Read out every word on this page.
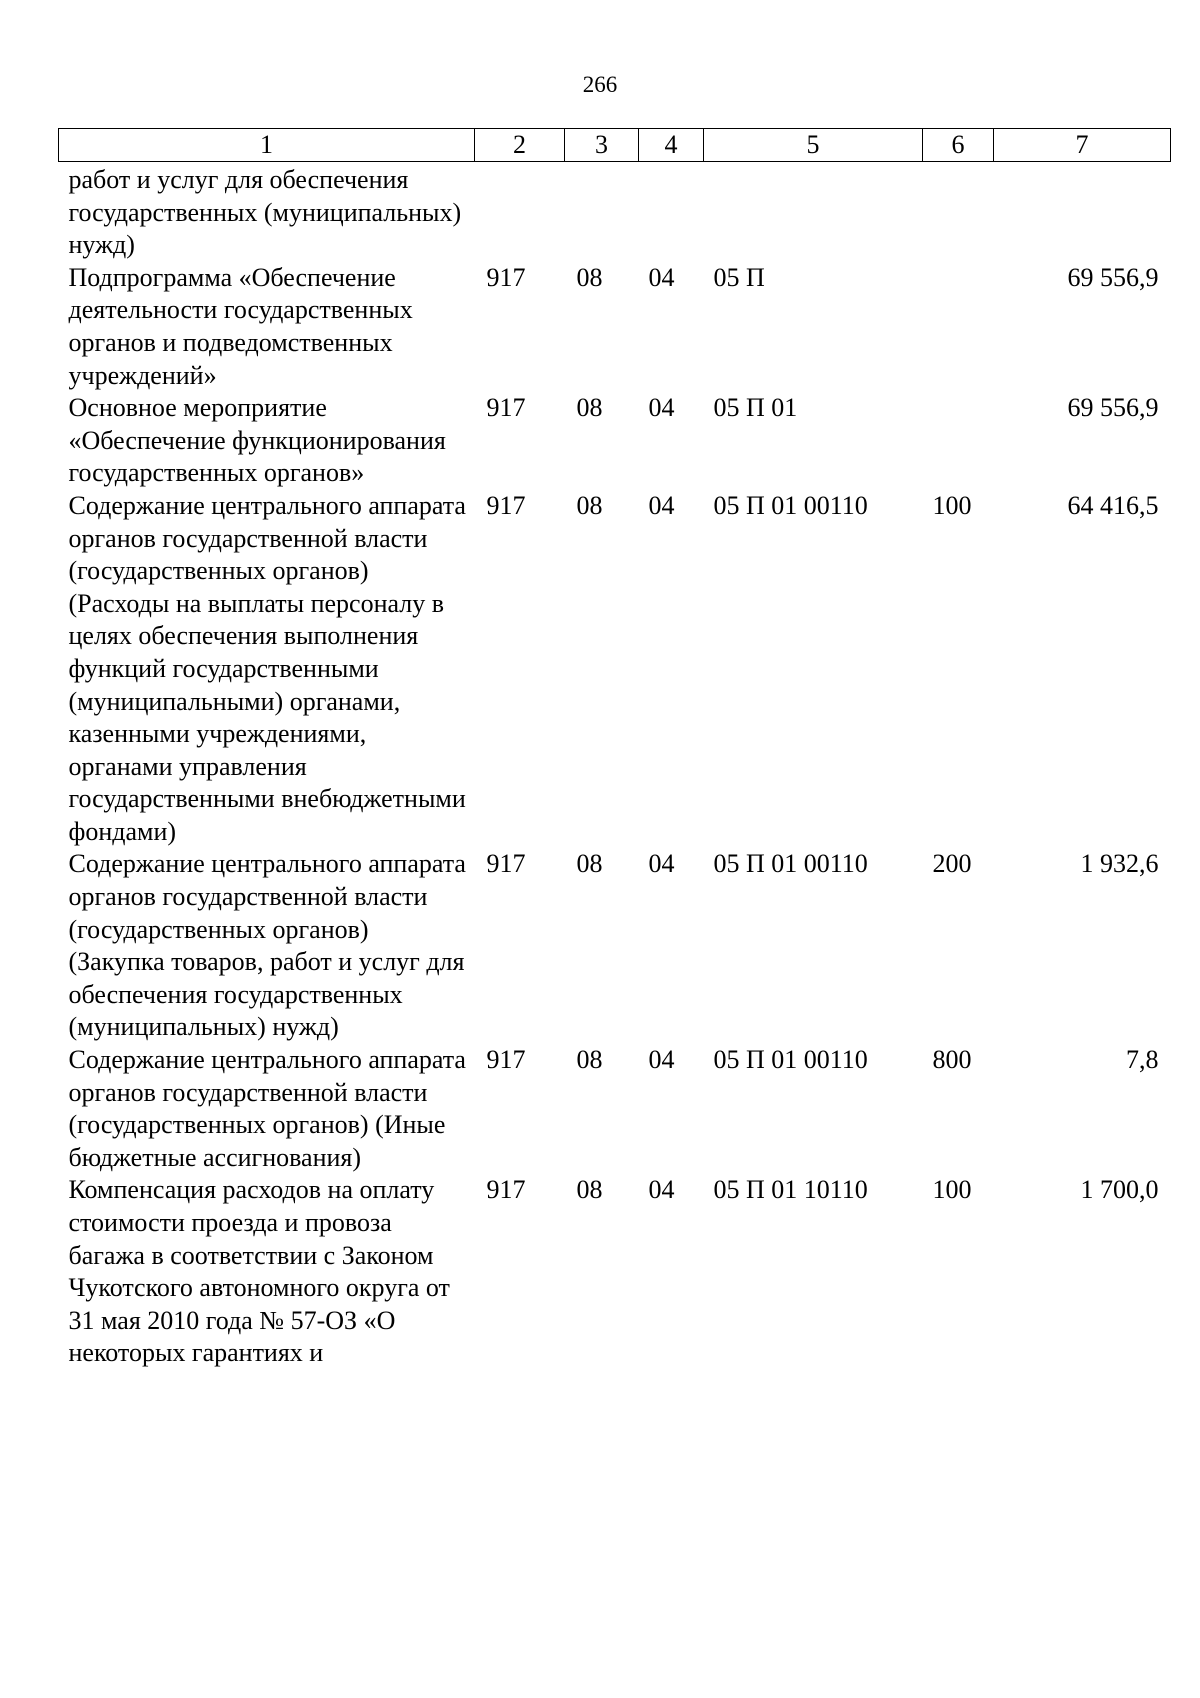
266
1	2	3	4	5	6	7
работ и услуг для обеспечения государственных (муниципальных) нужд)						
Подпрограмма «Обеспечение деятельности государственных органов и подведомственных учреждений»	917	08	04	05 П		69 556,9
Основное мероприятие «Обеспечение функционирования государственных органов»	917	08	04	05 П 01		69 556,9
Содержание центрального аппарата органов государственной власти (государственных органов) (Расходы на выплаты персоналу в целях обеспечения выполнения функций государственными (муниципальными) органами, казенными учреждениями, органами управления государственными внебюджетными фондами)	917	08	04	05 П 01 00110	100	64 416,5
Содержание центрального аппарата органов государственной власти (государственных органов) (Закупка товаров, работ и услуг для обеспечения государственных (муниципальных) нужд)	917	08	04	05 П 01 00110	200	1 932,6
Содержание центрального аппарата органов государственной власти (государственных органов) (Иные бюджетные ассигнования)	917	08	04	05 П 01 00110	800	7,8
Компенсация расходов на оплату стоимости проезда и провоза багажа в соответствии с Законом Чукотского автономного округа от 31 мая 2010 года № 57-ОЗ «О некоторых гарантиях и	917	08	04	05 П 01 10110	100	1 700,0
